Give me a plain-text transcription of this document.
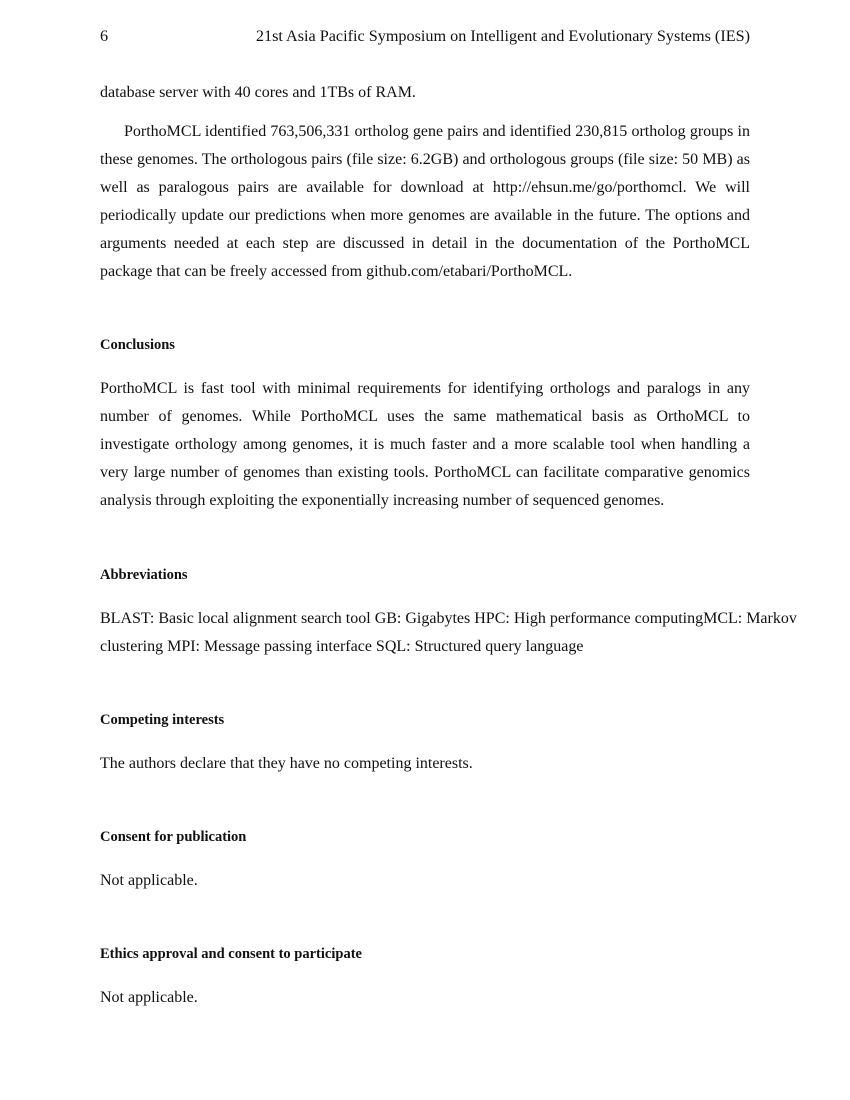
6	21st Asia Pacific Symposium on Intelligent and Evolutionary Systems (IES)

database server with 40 cores and 1TBs of RAM.

PorthoMCL identified 763,506,331 ortholog gene pairs and identified 230,815 ortholog groups in these genomes. The orthologous pairs (file size: 6.2GB) and orthologous groups (file size: 50 MB) as well as paralogous pairs are available for download at http://ehsun.me/go/porthomcl. We will periodically update our predictions when more genomes are available in the future. The options and arguments needed at each step are discussed in detail in the documentation of the PorthoMCL package that can be freely accessed from github.com/etabari/PorthoMCL.

Conclusions

PorthoMCL is fast tool with minimal requirements for identifying orthologs and paralogs in any number of genomes. While PorthoMCL uses the same mathematical basis as OrthoMCL to investigate orthology among genomes, it is much faster and a more scalable tool when handling a very large number of genomes than existing tools. PorthoMCL can facilitate comparative genomics analysis through exploiting the exponentially increasing number of sequenced genomes.

Abbreviations

BLAST: Basic local alignment search tool GB: Gigabytes HPC: High performance computingMCL: Markov clustering MPI: Message passing interface SQL: Structured query language

Competing interests

The authors declare that they have no competing interests.

Consent for publication

Not applicable.

Ethics approval and consent to participate

Not applicable.
